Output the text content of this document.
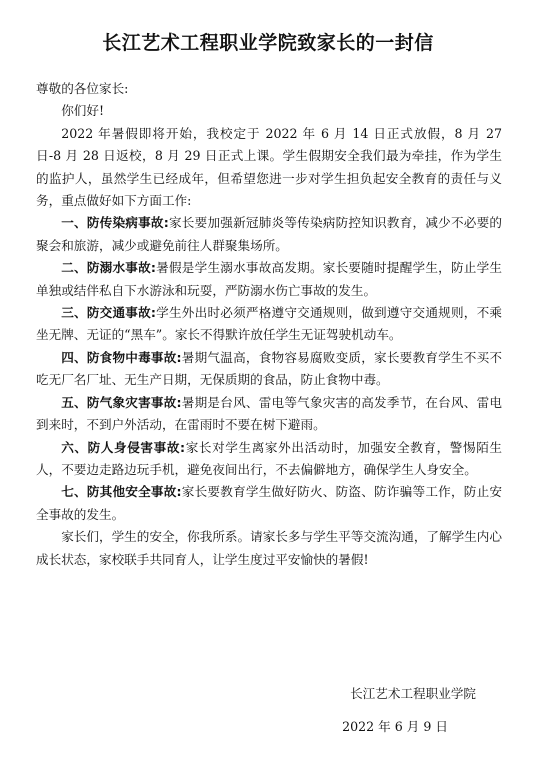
长江艺术工程职业学院致家长的一封信

尊敬的各位家长:

你们好!

2022 年暑假即将开始，我校定于 2022 年 6 月 14 日正式放假，8 月 27 日-8 月 28 日返校，8 月 29 日正式上课。学生假期安全我们最为牵挂，作为学生的监护人，虽然学生已经成年，但希望您进一步对学生担负起安全教育的责任与义务，重点做好如下方面工作:

一、防传染病事故:家长要加强新冠肺炎等传染病防控知识教育，减少不必要的聚会和旅游，减少或避免前往人群聚集场所。

二、防溺水事故:暑假是学生溺水事故高发期。家长要随时提醒学生，防止学生单独或结伴私自下水游泳和玩耍，严防溺水伤亡事故的发生。

三、防交通事故:学生外出时必须严格遵守交通规则，做到遵守交通规则，不乘坐无牌、无证的“黑车”。家长不得默许放任学生无证驾驶机动车。

四、防食物中毒事故:暑期气温高，食物容易腐败变质，家长要教育学生不买不吃无厂名厂址、无生产日期，无保质期的食品，防止食物中毒。

五、防气象灾害事故:暑期是台风、雷电等气象灾害的高发季节，在台风、雷电到来时，不到户外活动，在雷雨时不要在树下避雨。

六、防人身侵害事故:家长对学生离家外出活动时，加强安全教育，警惕陌生人，不要边走路边玩手机，避免夜间出行，不去偏僻地方，确保学生人身安全。

七、防其他安全事故:家长要教育学生做好防火、防盗、防诈骗等工作，防止安全事故的发生。

家长们，学生的安全，你我所系。请家长多与学生平等交流沟通，了解学生内心成长状态，家校联手共同育人，让学生度过平安愉快的暑假!

长江艺术工程职业学院
2022 年 6 月 9 日
